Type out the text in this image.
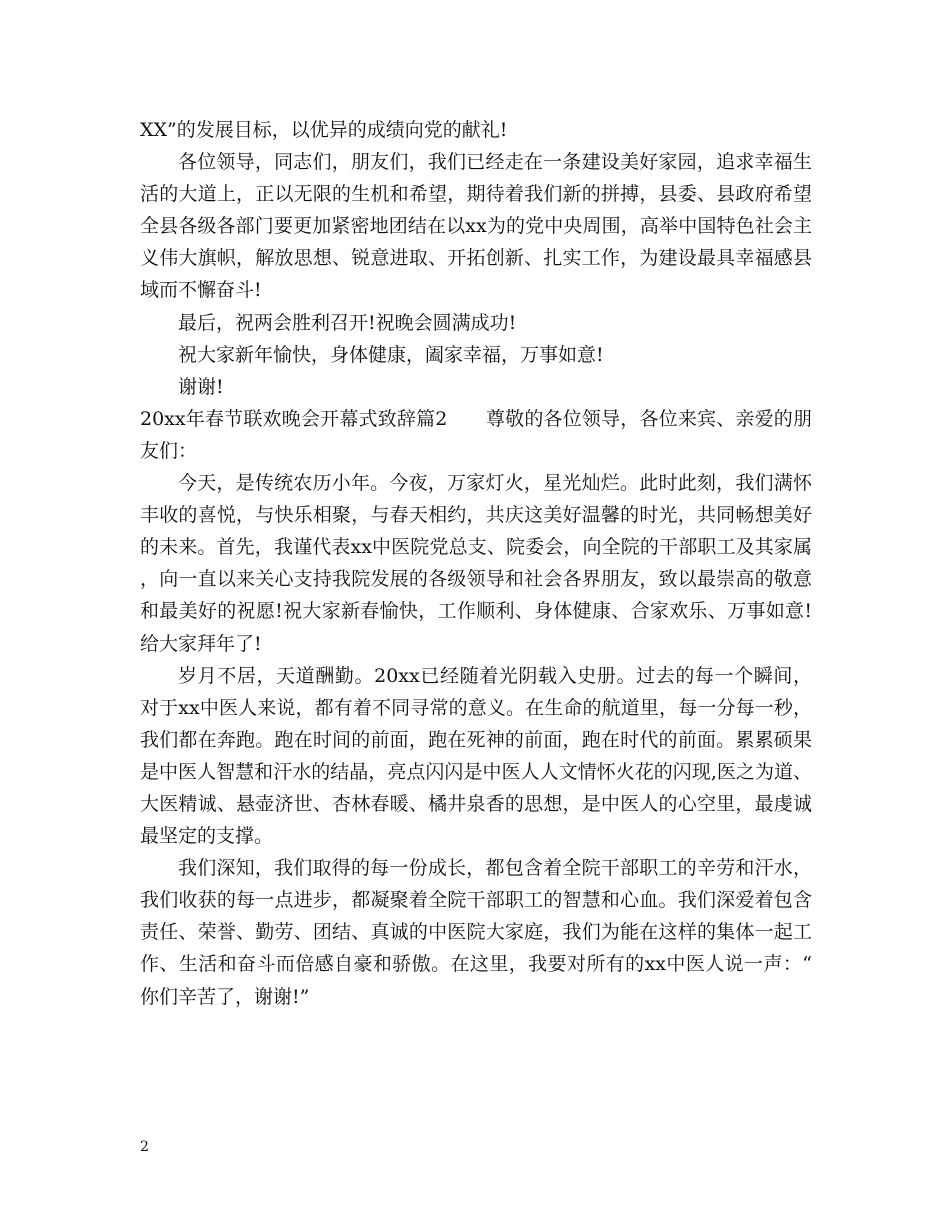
XX”的发展目标，以优异的成绩向党的献礼!

各位领导，同志们，朋友们，我们已经走在一条建设美好家园，追求幸福生活的大道上，正以无限的生机和希望，期待着我们新的拼搏，县委、县政府希望全县各级各部门要更加紧密地团结在以xx为的党中央周围，高举中国特色社会主义伟大旗帜，解放思想、锐意进取、开拓创新、扎实工作，为建设最具幸福感县域而不懈奋斗!

最后，祝两会胜利召开!祝晚会圆满成功!

祝大家新年愉快，身体健康，阖家幸福，万事如意!

谢谢!

20xx年春节联欢晚会开幕式致辞篇2　　尊敬的各位领导，各位来宾、亲爱的朋友们：

今天，是传统农历小年。今夜，万家灯火，星光灿烂。此时此刻，我们满怀丰收的喜悦，与快乐相聚，与春天相约，共庆这美好温馨的时光，共同畅想美好的未来。首先，我谨代表xx中医院党总支、院委会，向全院的干部职工及其家属，向一直以来关心支持我院发展的各级领导和社会各界朋友，致以最崇高的敬意和最美好的祝愿!祝大家新春愉快，工作顺利、身体健康、合家欢乐、万事如意!给大家拜年了!

岁月不居，天道酬勤。20xx已经随着光阴载入史册。过去的每一个瞬间，对于xx中医人来说，都有着不同寻常的意义。在生命的航道里，每一分每一秒，我们都在奔跑。跑在时间的前面，跑在死神的前面，跑在时代的前面。累累硕果是中医人智慧和汗水的结晶，亮点闪闪是中医人人文情怀火花的闪现,医之为道、大医精诚、悬壶济世、杏林春暖、橘井泉香的思想，是中医人的心空里，最虔诚最坚定的支撑。

我们深知，我们取得的每一份成长，都包含着全院干部职工的辛劳和汗水，我们收获的每一点进步，都凝聚着全院干部职工的智慧和心血。我们深爱着包含责任、荣誉、勤劳、团结、真诚的中医院大家庭，我们为能在这样的集体一起工作、生活和奋斗而倍感自豪和骄傲。在这里，我要对所有的xx中医人说一声：“你们辛苦了，谢谢!”

2
